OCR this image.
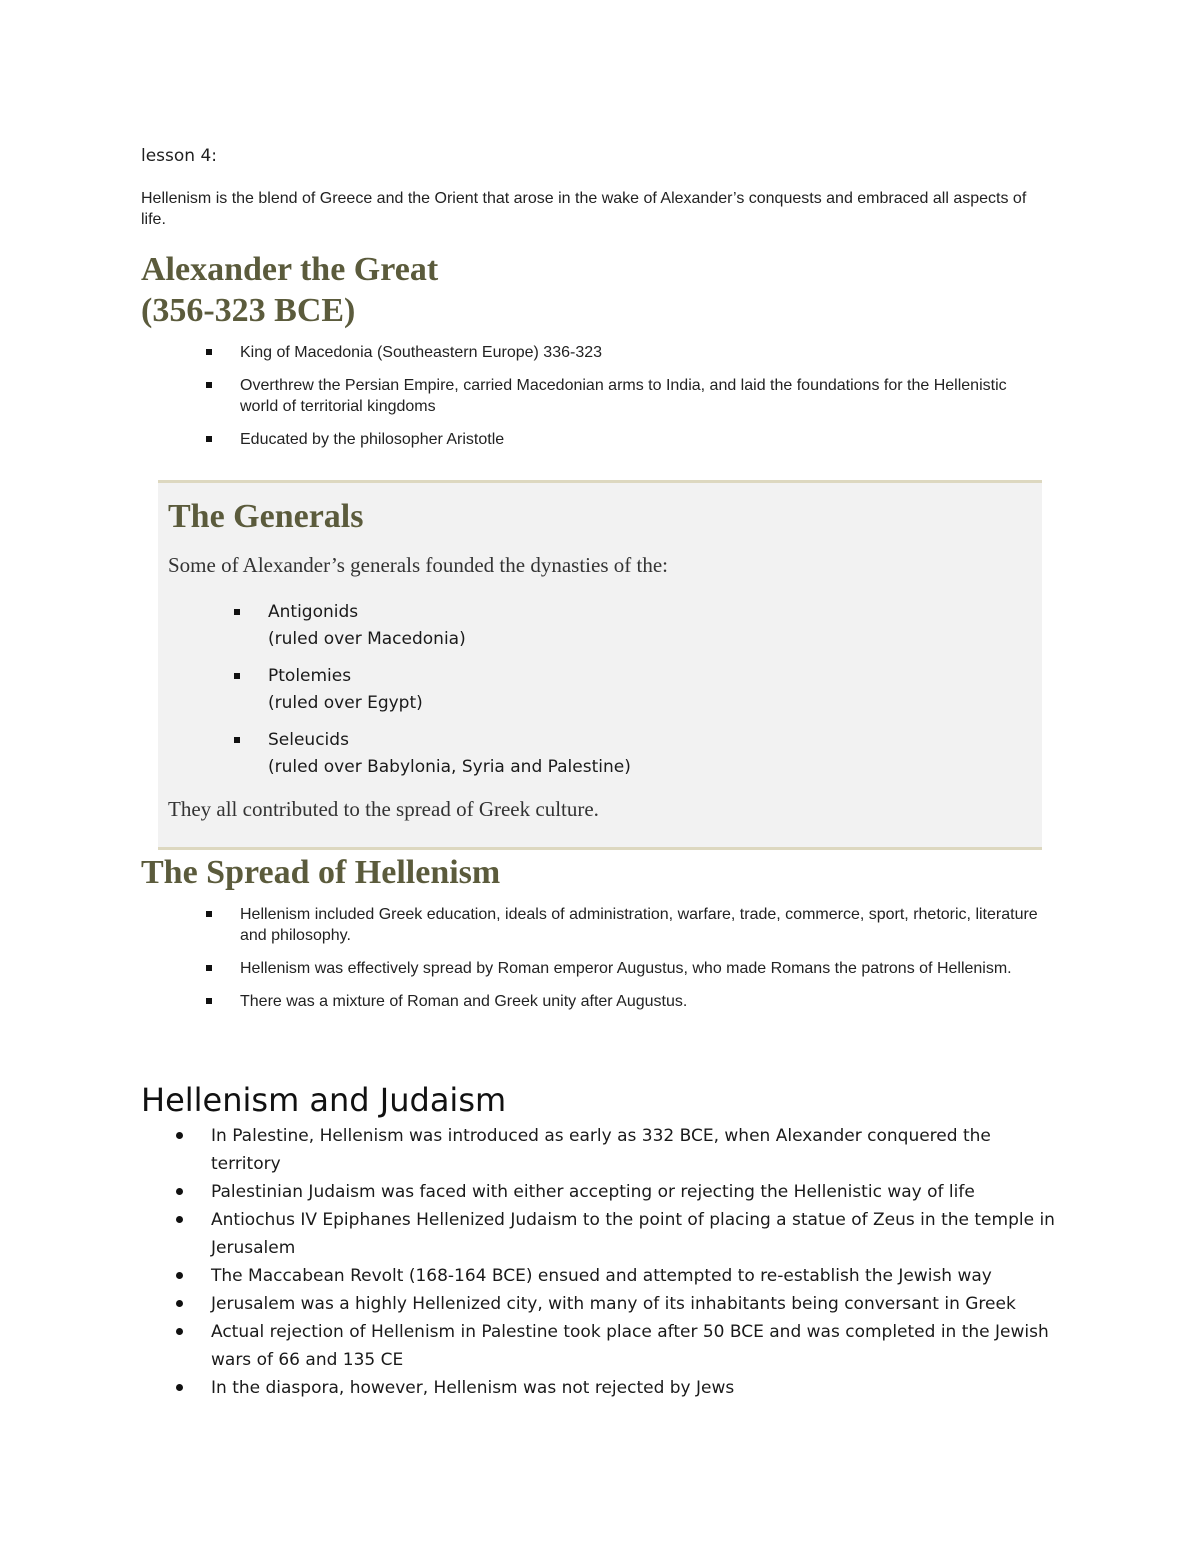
lesson 4:

Hellenism is the blend of Greece and the Orient that arose in the wake of Alexander’s conquests and embraced all aspects of life.

Alexander the Great
(356-323 BCE)
King of Macedonia (Southeastern Europe) 336-323
Overthrew the Persian Empire, carried Macedonian arms to India, and laid the foundations for the Hellenistic world of territorial kingdoms
Educated by the philosopher Aristotle
The Generals

Some of Alexander’s generals founded the dynasties of the:

Antigonids
(ruled over Macedonia)
Ptolemies
(ruled over Egypt)
Seleucids
(ruled over Babylonia, Syria and Palestine)

They all contributed to the spread of Greek culture.

The Spread of Hellenism
Hellenism included Greek education, ideals of administration, warfare, trade, commerce, sport, rhetoric, literature and philosophy.
Hellenism was effectively spread by Roman emperor Augustus, who made Romans the patrons of Hellenism.
There was a mixture of Roman and Greek unity after Augustus.
Hellenism and Judaism
In Palestine, Hellenism was introduced as early as 332 BCE, when Alexander conquered the territory
Palestinian Judaism was faced with either accepting or rejecting the Hellenistic way of life
Antiochus IV Epiphanes Hellenized Judaism to the point of placing a statue of Zeus in the temple in Jerusalem
The Maccabean Revolt (168-164 BCE) ensued and attempted to re-establish the Jewish way
Jerusalem was a highly Hellenized city, with many of its inhabitants being conversant in Greek
Actual rejection of Hellenism in Palestine took place after 50 BCE and was completed in the Jewish wars of 66 and 135 CE
In the diaspora, however, Hellenism was not rejected by Jews
